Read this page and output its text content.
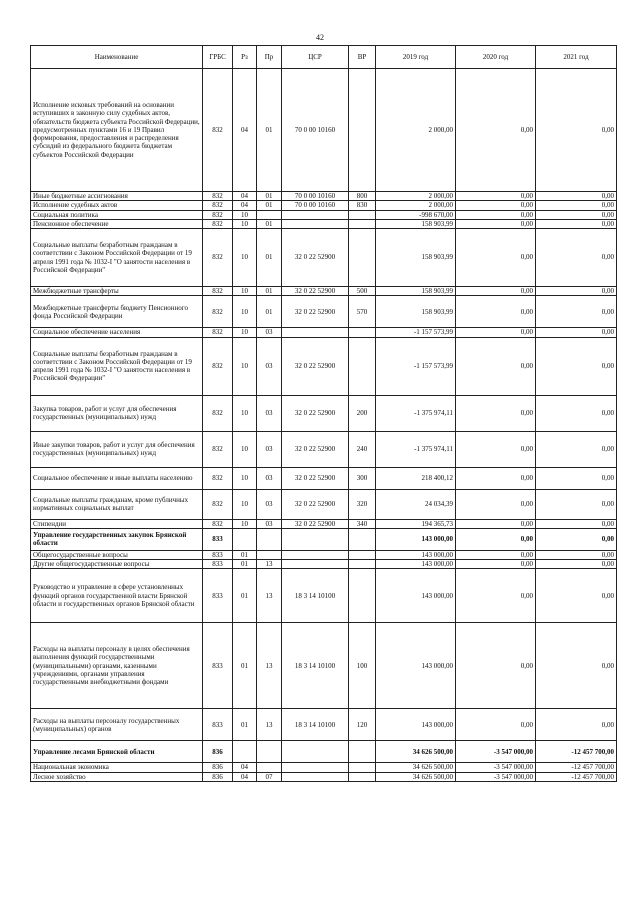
42
Наименование	ГРБС	Рз	Пр	ЦСР	ВР	2019 год	2020 год	2021 год
Исполнение исковых требований на основании вступивших в законную силу судебных актов, обязательств бюджета субъекта Российской Федерации, предусмотренных пунктами 16 и 19 Правил формирования, предоставления и распределения субсидий из федерального бюджета бюджетам субъектов Российской Федерации	832	04	01	70 0 00 10160		2 000,00	0,00	0,00
Иные бюджетные ассигнования	832	04	01	70 0 00 10160	800	2 000,00	0,00	0,00
Исполнение судебных актов	832	04	01	70 0 00 10160	830	2 000,00	0,00	0,00
Социальная политика	832	10				-998 670,00	0,00	0,00
Пенсионное обеспечение	832	10	01			158 903,99	0,00	0,00
Социальные выплаты безработным гражданам в соответствии с Законом Российской Федерации от 19 апреля 1991 года № 1032-I "О занятости населения в Российской Федерации"	832	10	01	32 0 22 52900		158 903,99	0,00	0,00
Межбюджетные трансферты	832	10	01	32 0 22 52900	500	158 903,99	0,00	0,00
Межбюджетные трансферты бюджету Пенсионного фонда Российской Федерации	832	10	01	32 0 22 52900	570	158 903,99	0,00	0,00
Социальное обеспечение населения	832	10	03			-1 157 573,99	0,00	0,00
Социальные выплаты безработным гражданам в соответствии с Законом Российской Федерации от 19 апреля 1991 года № 1032-I "О занятости населения в Российской Федерации"	832	10	03	32 0 22 52900		-1 157 573,99	0,00	0,00
Закупка товаров, работ и услуг для обеспечения государственных (муниципальных) нужд	832	10	03	32 0 22 52900	200	-1 375 974,11	0,00	0,00
Иные закупки товаров, работ и услуг для обеспечения государственных (муниципальных) нужд	832	10	03	32 0 22 52900	240	-1 375 974,11	0,00	0,00
Социальное обеспечение и иные выплаты населению	832	10	03	32 0 22 52900	300	218 400,12	0,00	0,00
Социальные выплаты гражданам, кроме публичных нормативных социальных выплат	832	10	03	32 0 22 52900	320	24 034,39	0,00	0,00
Стипендии	832	10	03	32 0 22 52900	340	194 365,73	0,00	0,00
Управление государственных закупок Брянской области	833					143 000,00	0,00	0,00
Общегосударственные вопросы	833	01				143 000,00	0,00	0,00
Другие общегосударственные вопросы	833	01	13			143 000,00	0,00	0,00
Руководство и управление в сфере установленных функций органов государственной власти Брянской области и государственных органов Брянской области	833	01	13	18 3 14 10100		143 000,00	0,00	0,00
Расходы на выплаты персоналу в целях обеспечения выполнения функций государственными (муниципальными) органами, казенными учреждениями, органами управления государственными внебюджетными фондами	833	01	13	18 3 14 10100	100	143 000,00	0,00	0,00
Расходы на выплаты персоналу государственных (муниципальных) органов	833	01	13	18 3 14 10100	120	143 000,00	0,00	0,00
Управление лесами Брянской области	836					34 626 500,00	-3 547 000,00	-12 457 700,00
Национальная экономика	836	04				34 626 500,00	-3 547 000,00	-12 457 700,00
Лесное хозяйство	836	04	07			34 626 500,00	-3 547 000,00	-12 457 700,00
